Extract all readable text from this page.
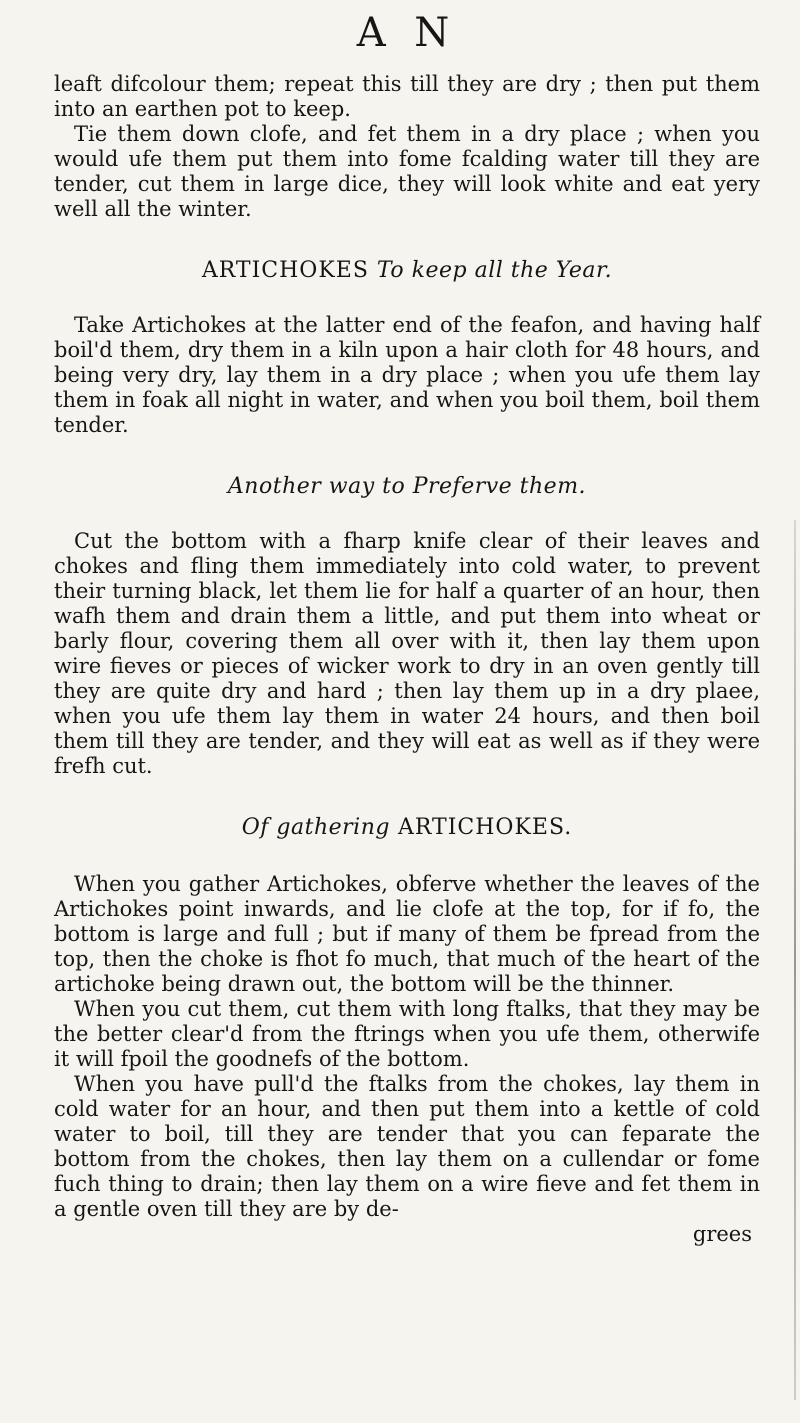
A N

leaft difcolour them; repeat this till they are dry ; then put them into an earthen pot to keep.

Tie them down clofe, and fet them in a dry place ; when you would ufe them put them into fome fcalding water till they are tender, cut them in large dice, they will look white and eat yery well all the winter.

ARTICHOKES To keep all the Year.

Take Artichokes at the latter end of the feafon, and having half boil'd them, dry them in a kiln upon a hair cloth for 48 hours, and being very dry, lay them in a dry place ; when you ufe them lay them in foak all night in water, and when you boil them, boil them tender.

Another way to Preferve them.

Cut the bottom with a fharp knife clear of their leaves and chokes and fling them immediately into cold water, to prevent their turning black, let them lie for half a quarter of an hour, then wafh them and drain them a little, and put them into wheat or barly flour, covering them all over with it, then lay them upon wire fieves or pieces of wicker work to dry in an oven gently till they are quite dry and hard ; then lay them up in a dry plaee, when you ufe them lay them in water 24 hours, and then boil them till they are tender, and they will eat as well as if they were frefh cut.

Of gathering ARTICHOKES.

When you gather Artichokes, obferve whether the leaves of the Artichokes point inwards, and lie clofe at the top, for if fo, the bottom is large and full ; but if many of them be fpread from the top, then the choke is fhot fo much, that much of the heart of the artichoke being drawn out, the bottom will be the thinner.

When you cut them, cut them with long ftalks, that they may be the better clear'd from the ftrings when you ufe them, otherwife it will fpoil the goodnefs of the bottom.

When you have pull'd the ftalks from the chokes, lay them in cold water for an hour, and then put them into a kettle of cold water to boil, till they are tender that you can feparate the bottom from the chokes, then lay them on a cullendar or fome fuch thing to drain; then lay them on a wire fieve and fet them in a gentle oven till they are by de-

grees
